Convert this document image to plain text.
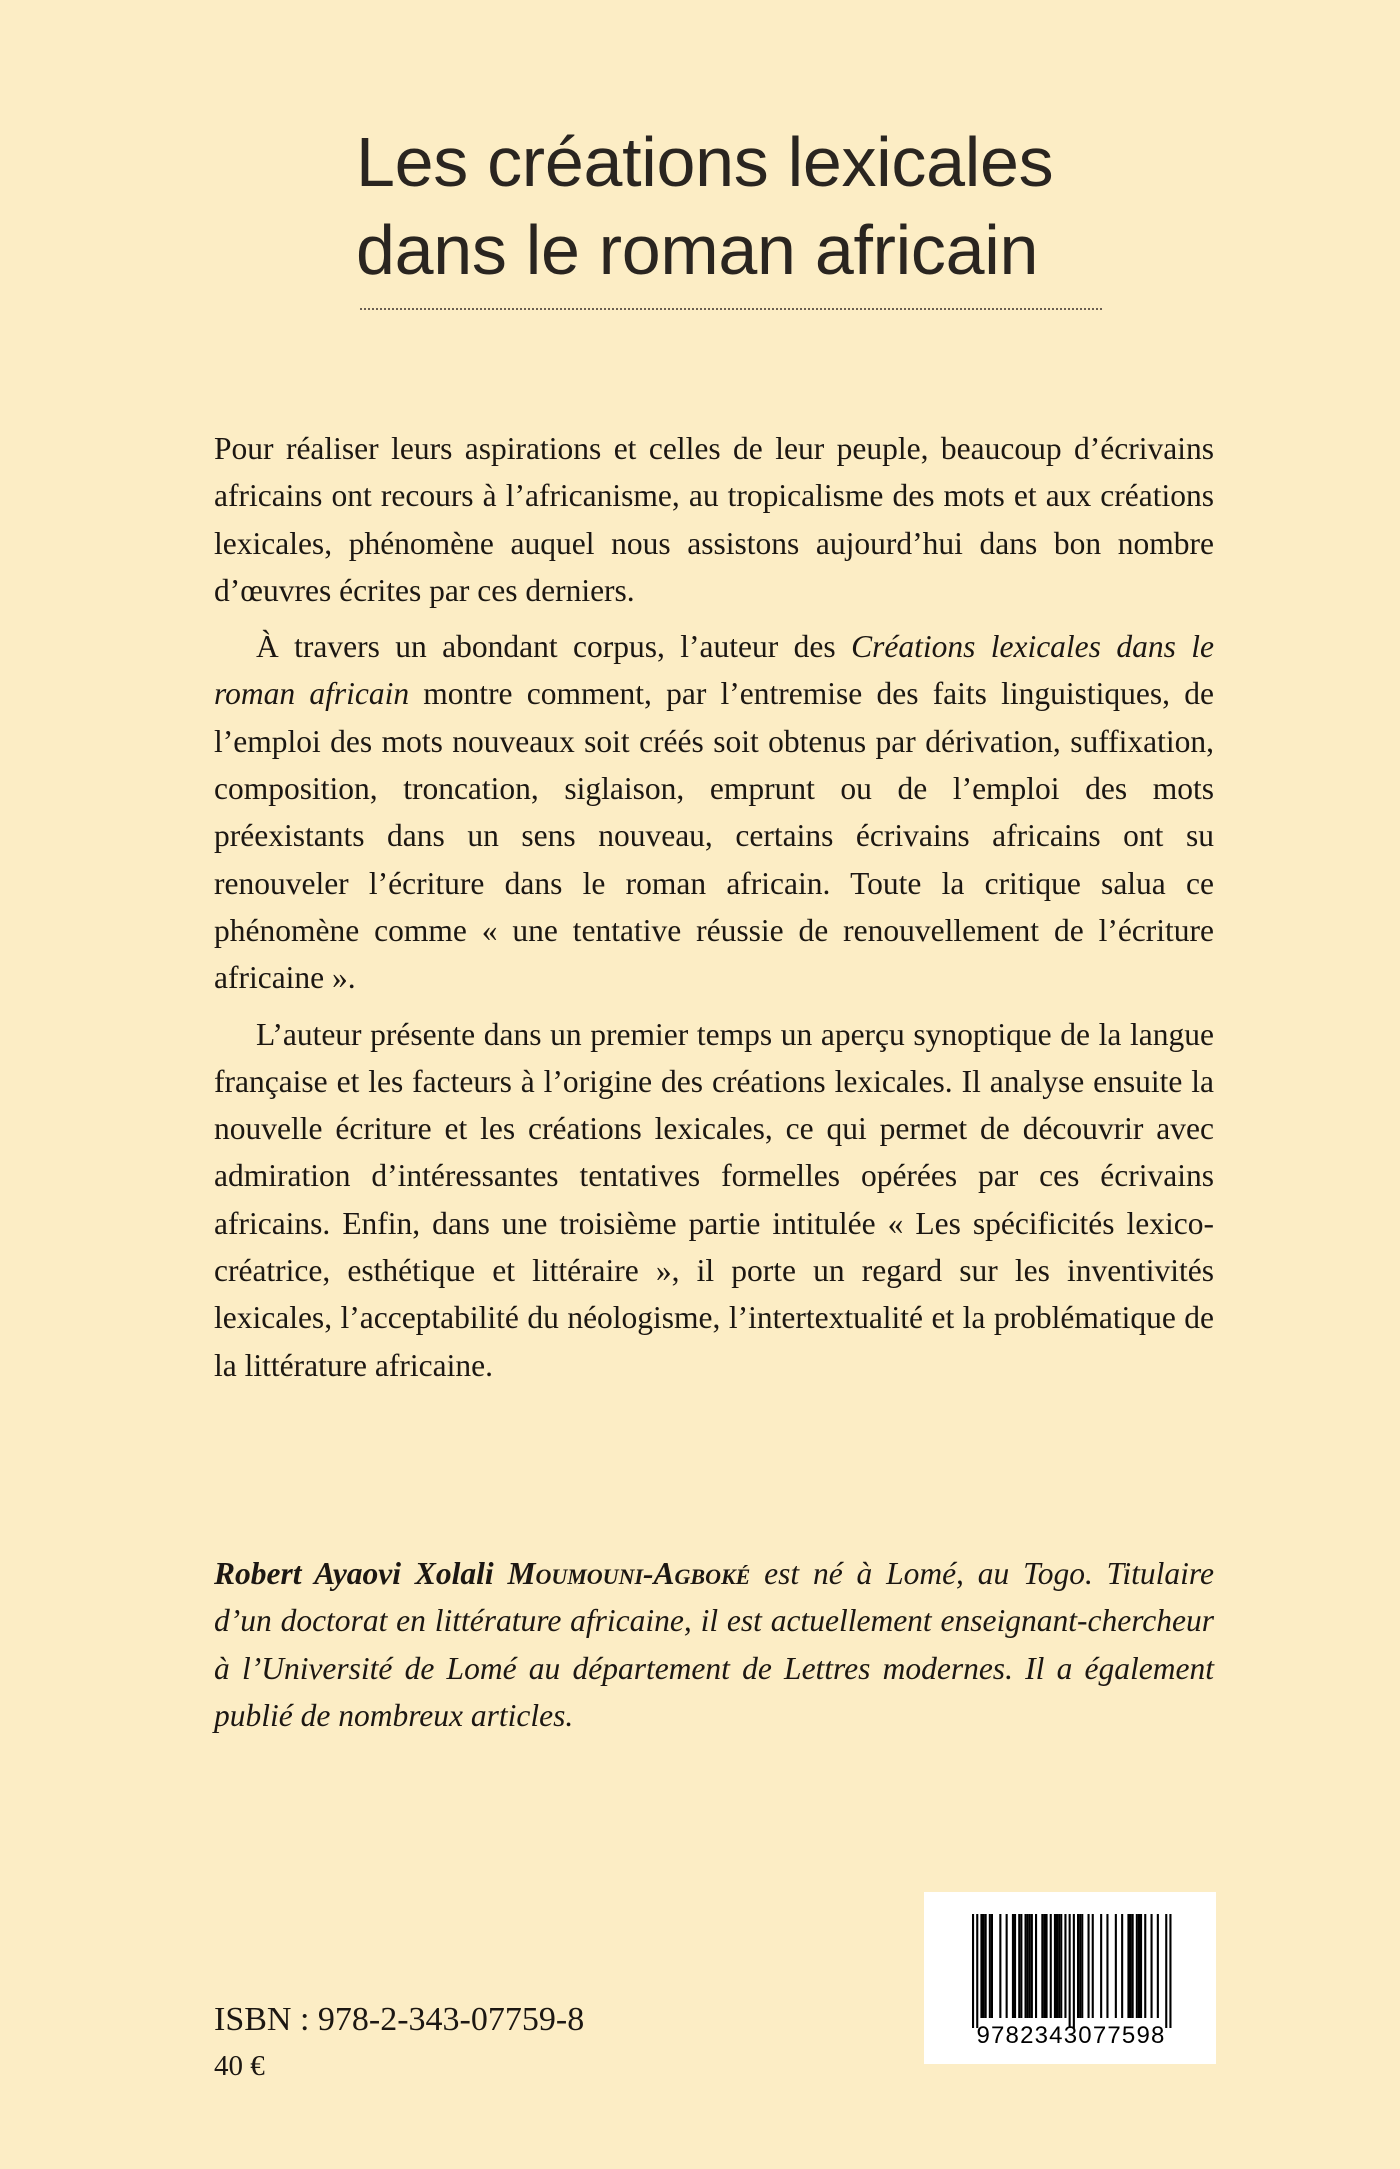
Les créations lexicales
dans le roman africain

Pour réaliser leurs aspirations et celles de leur peuple, beaucoup d’écrivains africains ont recours à l’africanisme, au tropicalisme des mots et aux créations lexicales, phénomène auquel nous assistons aujourd’hui dans bon nombre d’œuvres écrites par ces derniers.

À travers un abondant corpus, l’auteur des Créations lexicales dans le roman africain montre comment, par l’entremise des faits linguistiques, de l’emploi des mots nouveaux soit créés soit obtenus par dérivation, suffixation, composition, troncation, siglaison, emprunt ou de l’emploi des mots préexistants dans un sens nouveau, certains écrivains africains ont su renouveler l’écriture dans le roman africain. Toute la critique salua ce phénomène comme « une tentative réussie de renouvellement de l’écriture africaine ».

L’auteur présente dans un premier temps un aperçu synoptique de la langue française et les facteurs à l’origine des créations lexicales. Il analyse ensuite la nouvelle écriture et les créations lexicales, ce qui permet de découvrir avec admiration d’intéressantes tentatives formelles opérées par ces écrivains africains. Enfin, dans une troisième partie intitulée « Les spécificités lexico-créatrice, esthétique et littéraire », il porte un regard sur les inventivités lexicales, l’acceptabilité du néologisme, l’intertextualité et la problématique de la littérature africaine.

Robert Ayaovi Xolali Moumouni-Agboké est né à Lomé, au Togo. Titulaire d’un doctorat en littérature africaine, il est actuellement enseignant-chercheur à l’Université de Lomé au département de Lettres modernes. Il a également publié de nombreux articles.

ISBN : 978-2-343-07759-8

40 €

9782343077598
